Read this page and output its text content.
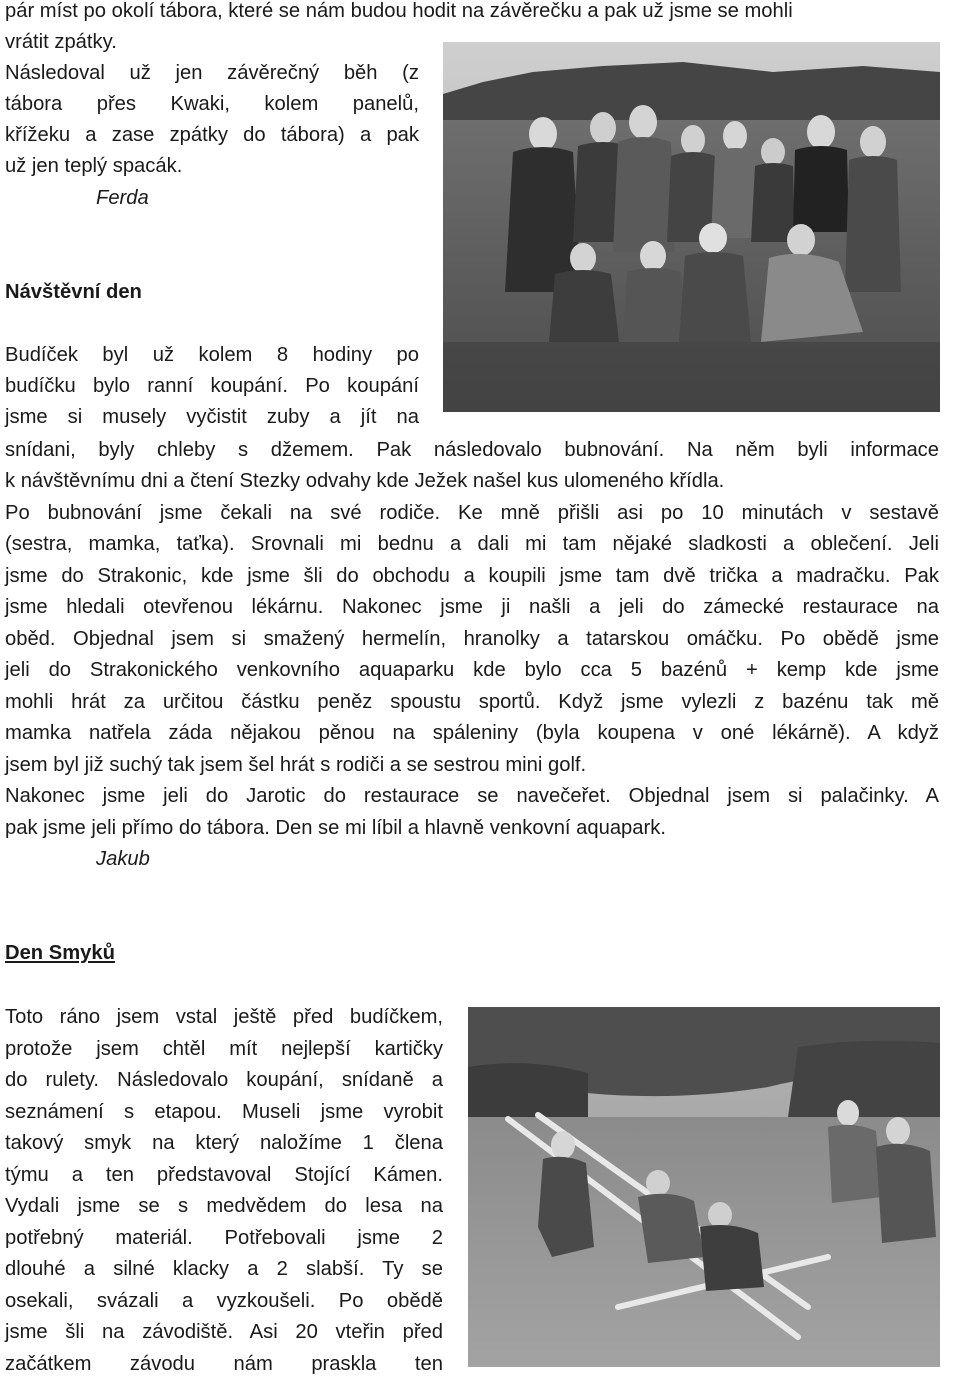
pár míst po okolí tábora, které se nám budou hodit na závěrečku a pak už jsme se mohli

vrátit zpátky.

Následoval už jen závěrečný běh (z

tábora přes Kwaki, kolem panelů,

křížeku a zase zpátky do tábora) a pak

už jen teplý spacák.

Ferda

Návštěvní den

Budíček byl už kolem 8 hodiny po

budíčku bylo ranní koupání. Po koupání

jsme si musely vyčistit zuby a jít na

snídani, byly chleby s džemem. Pak následovalo bubnování. Na něm byli informace

k návštěvnímu dni a čtení Stezky odvahy kde Ježek našel kus ulomeného křídla.

Po bubnování jsme čekali na své rodiče. Ke mně přišli asi po 10 minutách v sestavě

(sestra, mamka, taťka). Srovnali mi bednu a dali mi tam nějaké sladkosti a oblečení. Jeli

jsme do Strakonic, kde jsme šli do obchodu a koupili jsme tam dvě trička a madračku. Pak

jsme hledali otevřenou lékárnu. Nakonec jsme ji našli a jeli do zámecké restaurace na

oběd. Objednal jsem si smažený hermelín, hranolky a tatarskou omáčku. Po obědě jsme

jeli do Strakonického venkovního aquaparku kde bylo cca 5 bazénů + kemp kde jsme

mohli hrát za určitou částku peněz spoustu sportů. Když jsme vylezli z bazénu tak mě

mamka natřela záda nějakou pěnou na spáleniny (byla koupena v oné lékárně). A když

jsem byl již suchý tak jsem šel hrát s rodiči a se sestrou mini golf.

Nakonec jsme jeli do Jarotic do restaurace se navečeřet. Objednal jsem si palačinky. A

pak jsme jeli přímo do tábora. Den se mi líbil a hlavně venkovní aquapark.

Jakub

Den Smyků

Toto ráno jsem vstal ještě před budíčkem,

protože jsem chtěl mít nejlepší kartičky

do rulety. Následovalo koupání, snídaně a

seznámení s etapou. Museli jsme vyrobit

takový smyk na který naložíme 1 člena

týmu a ten představoval Stojící Kámen.

Vydali jsme se s medvědem do lesa na

potřebný materiál. Potřebovali jsme 2

dlouhé a silné klacky a 2 slabší. Ty se

osekali, svázali a vyzkoušeli. Po obědě

jsme šli na závodiště. Asi 20 vteřin před

začátkem závodu nám praskla ten
